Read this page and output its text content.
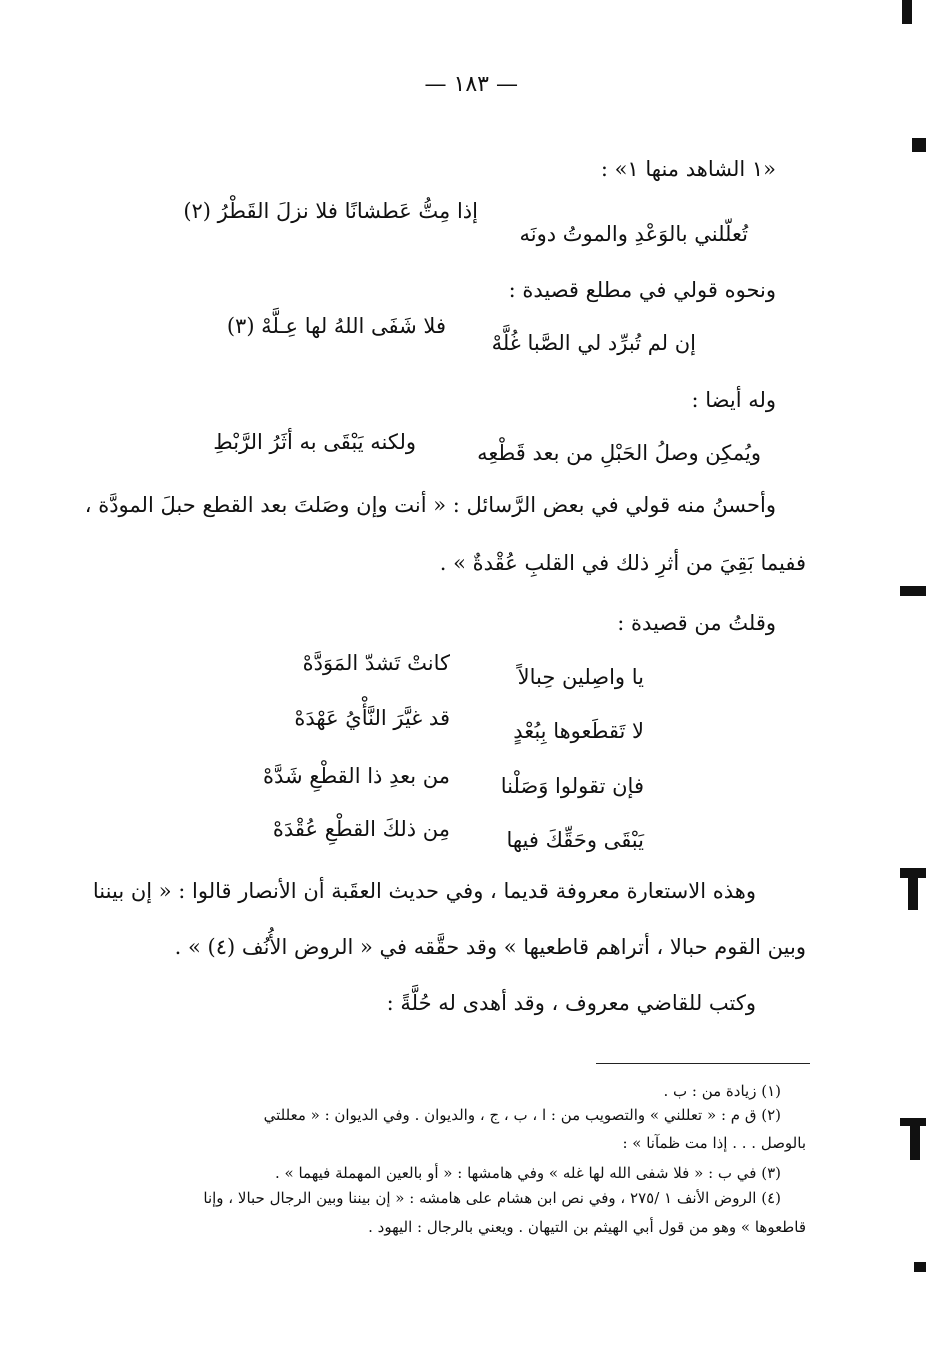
— ١٨٣ —
«١ الشاهد منها ١» :
تُعلّلني بالوَعْدِ والموتُ دونَه
إذا مِتُّ عَطشانًا فلا نزلَ القَطْرُ (٢)
ونحوه قولي في مطلع قصيدة :
إن لم تُبرِّد لي الصَّبا غُلَّهْ
فلا شَفَى اللهُ لها عِـلَّهْ (٣)
وله أيضا :
ويُمكِن وصلُ الحَبْلِ من بعد قَطْعِه
ولكنه يَبْقَى به أثَرُ الرَّبْطِ
وأحسنُ منه قولي في بعض الرَّسائل : « أنت وإن وصَلتَ بعد القطع حبلَ المودَّة ،
ففيما بَقِيَ من أثرِ ذلك في القلبِ عُقْدةٌ » .
وقلتُ من قصيدة :
يا واصِلين حِبالاً
كانتْ تَشدّ المَوَدَّهْ
لا تَقطَعوها بِبُعْدٍ
قد غيَّرَ النَّأْيُ عَهْدَهْ
فإن تقولوا وَصَلْنا
من بعدِ ذا القطْعِ شَدَّهْ
يَبْقَى وحَقِّكَ فيها
مِن ذلكَ القطْعِ عُقْدَهْ
وهذه الاستعارة معروفة قديما ، وفي حديث العقَبة أن الأنصار قالوا : « إن بيننا
وبين القوم حبالا ، أتراهم قاطعيها » وقد حقَّقه في « الروض الأُنُف (٤) » .
وكتب للقاضي معروف ، وقد أهدى له حُلَّةً :
(١) زيادة من : ب .
(٢) ق م : « تعللني » والتصويب من : ا ، ب ، ج ، والديوان . وفي الديوان : « معللتي
بالوصل . . . إذا مت ظمآنا » :
(٣) في ب : « فلا شفى الله لها غله » وفي هامشها : « أو بالعين المهملة فيهما » .
(٤) الروض الأنف ١ /٢٧٥ ، وفي نص ابن هشام على هامشه : « إن بيننا وبين الرجال حبالا ، وإنا
قاطعوها » وهو من قول أبي الهيثم بن التيهان . ويعني بالرجال : اليهود .
